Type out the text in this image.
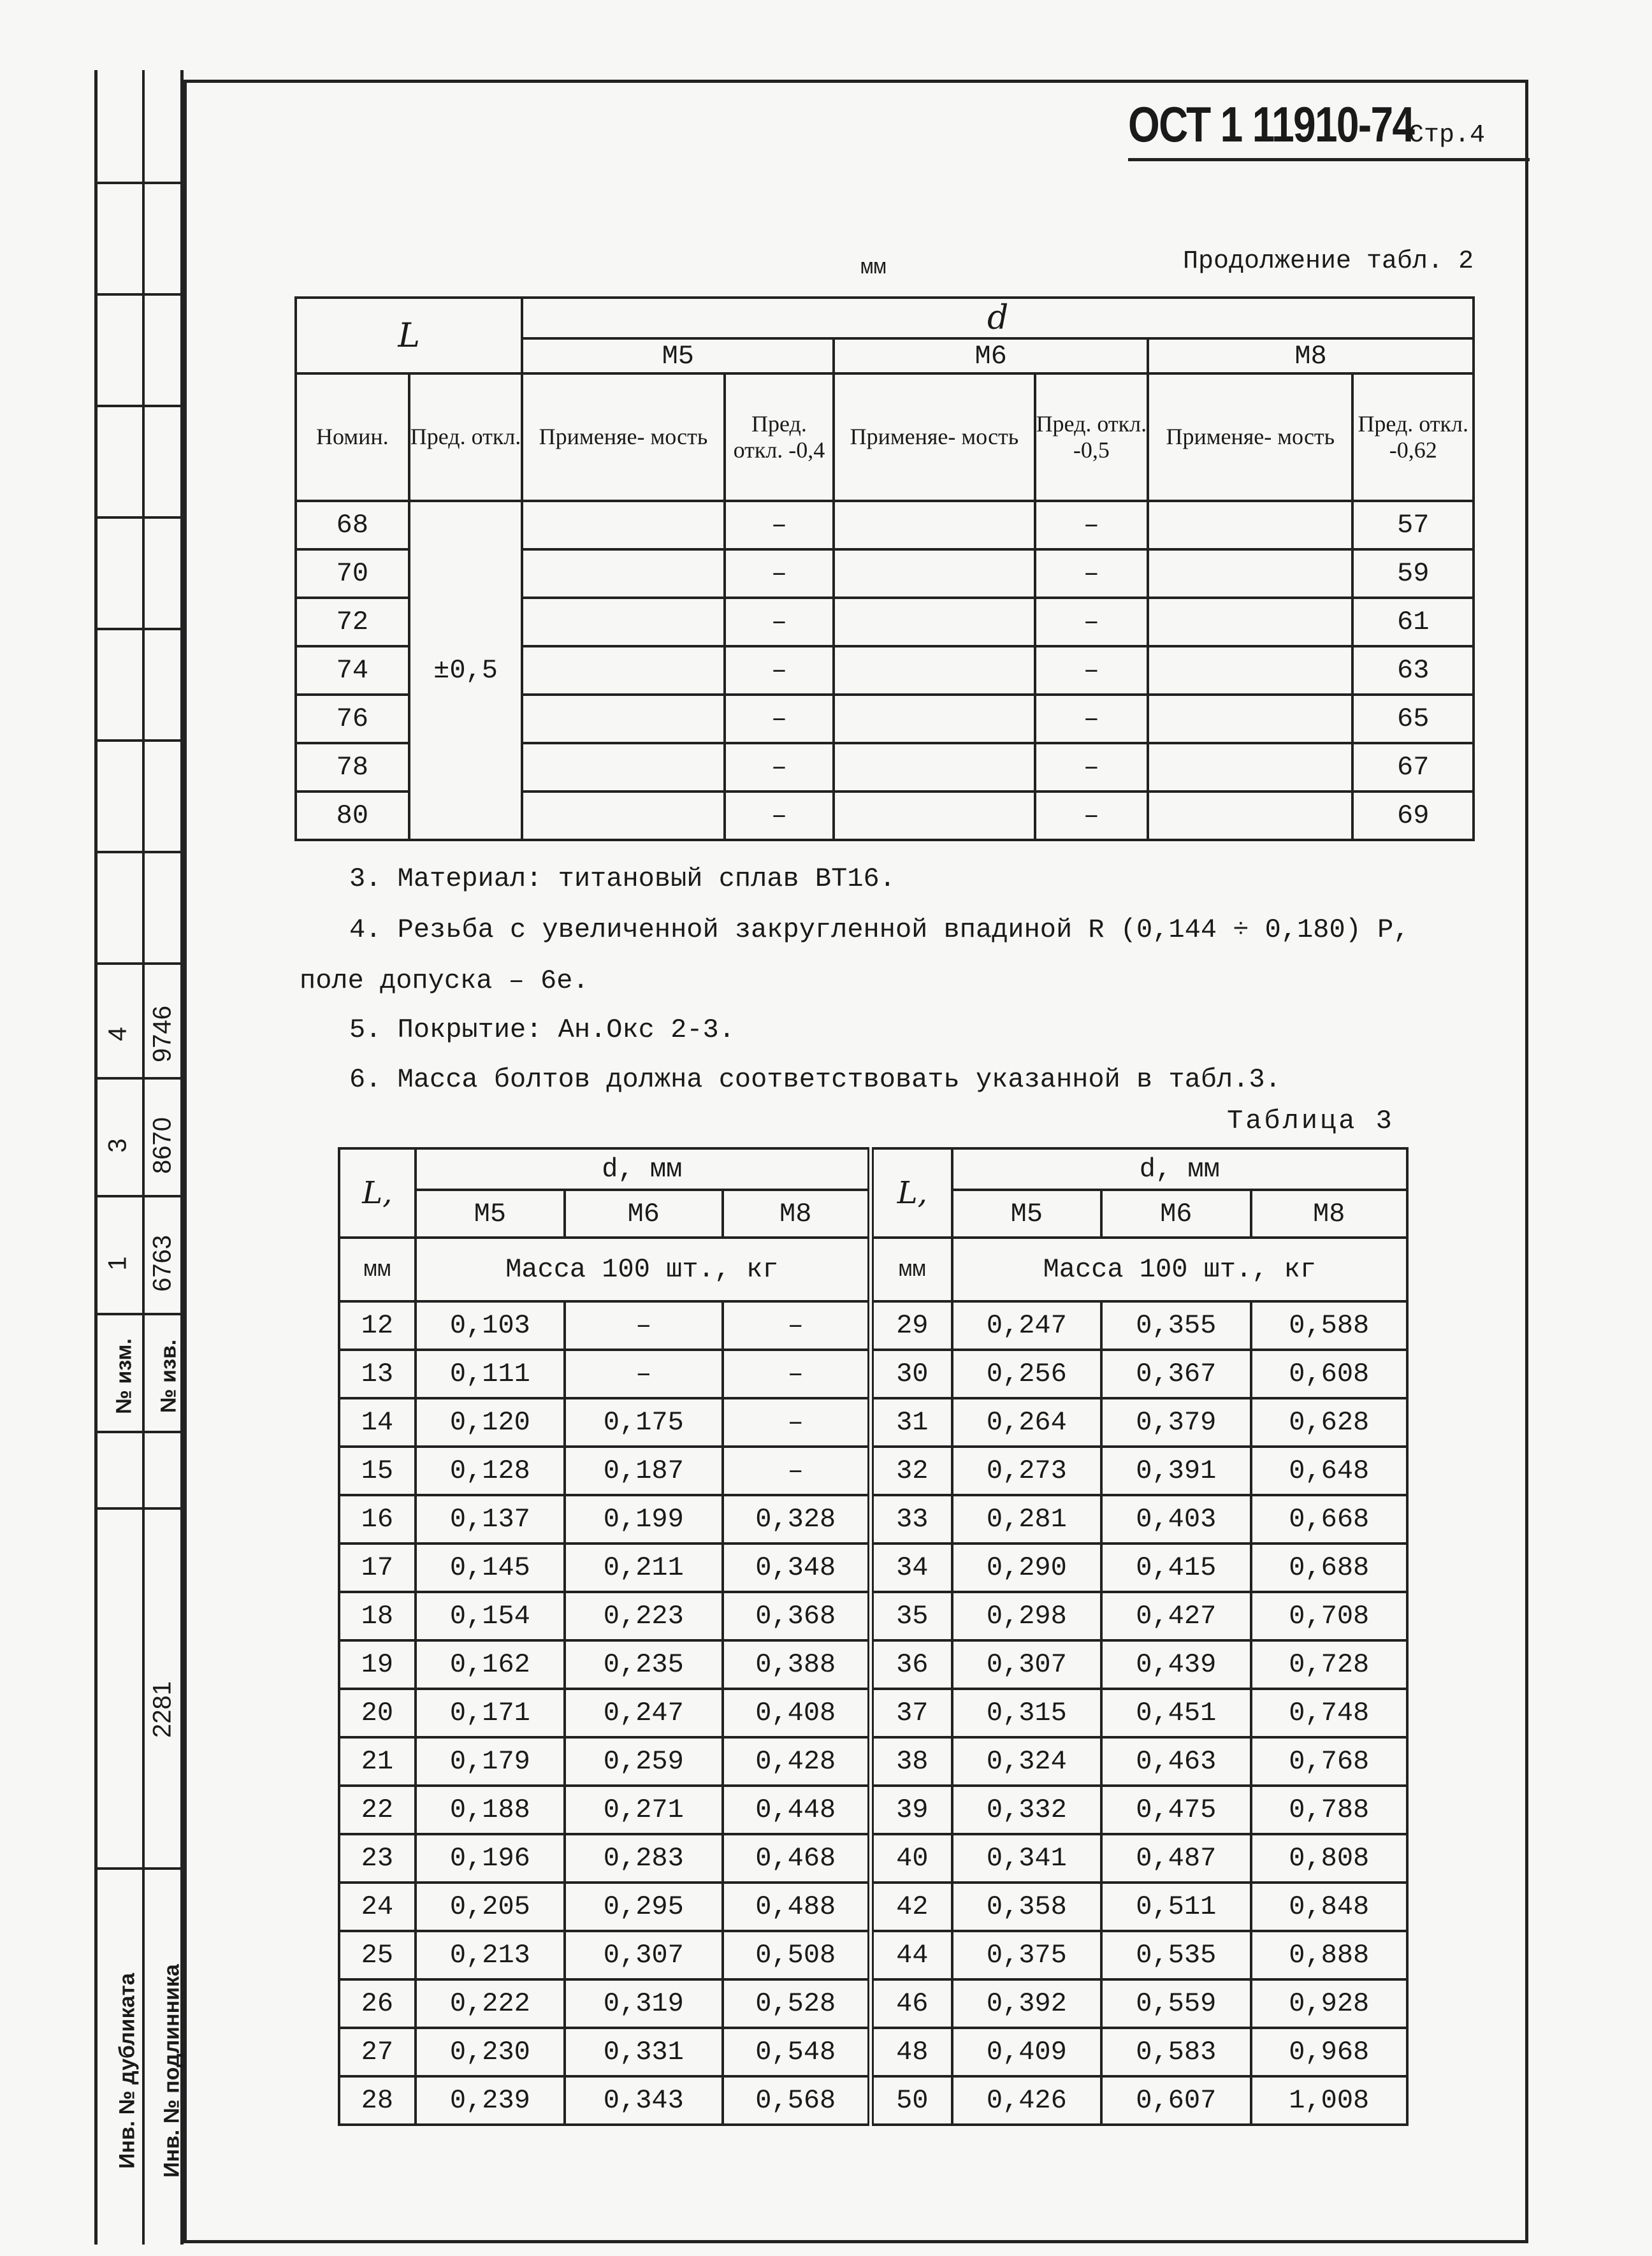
4 9746
3 8670
1 6763
№ изм. № изв.
2281
Инв. № дубликата Инв. № подлинника
ОСТ 1 11910-74
Стр.4
Продолжение табл. 2
мм
L		d					
		M5		M6		M8	
Номин.	Пред. откл.	Применяе- мость	Пред. откл. -0,4	Применяе- мость	Пред. откл. -0,5	Применяе- мость	Пред. откл. -0,62
68	±0,5		–		–		57
70			–		–		59
72			–		–		61
74			–		–		63
76			–		–		65
78			–		–		67
80			–		–		69
3. Материал: титановый сплав ВТ16.
4. Резьба с увеличенной закругленной впадиной R (0,144 ÷ 0,180) P,
поле допуска – 6е.
5. Покрытие: Ан.Окс 2-3.
6. Масса болтов должна соответствовать указанной в табл.3.
Таблица 3
L,	d, мм			L,	d, мм		
	M5	M6	M8		M5	M6	M8
мм	Масса 100 шт., кг			мм	Масса 100 шт., кг		
12	0,103	–	–	29	0,247	0,355	0,588
13	0,111	–	–	30	0,256	0,367	0,608
14	0,120	0,175	–	31	0,264	0,379	0,628
15	0,128	0,187	–	32	0,273	0,391	0,648
16	0,137	0,199	0,328	33	0,281	0,403	0,668
17	0,145	0,211	0,348	34	0,290	0,415	0,688
18	0,154	0,223	0,368	35	0,298	0,427	0,708
19	0,162	0,235	0,388	36	0,307	0,439	0,728
20	0,171	0,247	0,408	37	0,315	0,451	0,748
21	0,179	0,259	0,428	38	0,324	0,463	0,768
22	0,188	0,271	0,448	39	0,332	0,475	0,788
23	0,196	0,283	0,468	40	0,341	0,487	0,808
24	0,205	0,295	0,488	42	0,358	0,511	0,848
25	0,213	0,307	0,508	44	0,375	0,535	0,888
26	0,222	0,319	0,528	46	0,392	0,559	0,928
27	0,230	0,331	0,548	48	0,409	0,583	0,968
28	0,239	0,343	0,568	50	0,426	0,607	1,008
